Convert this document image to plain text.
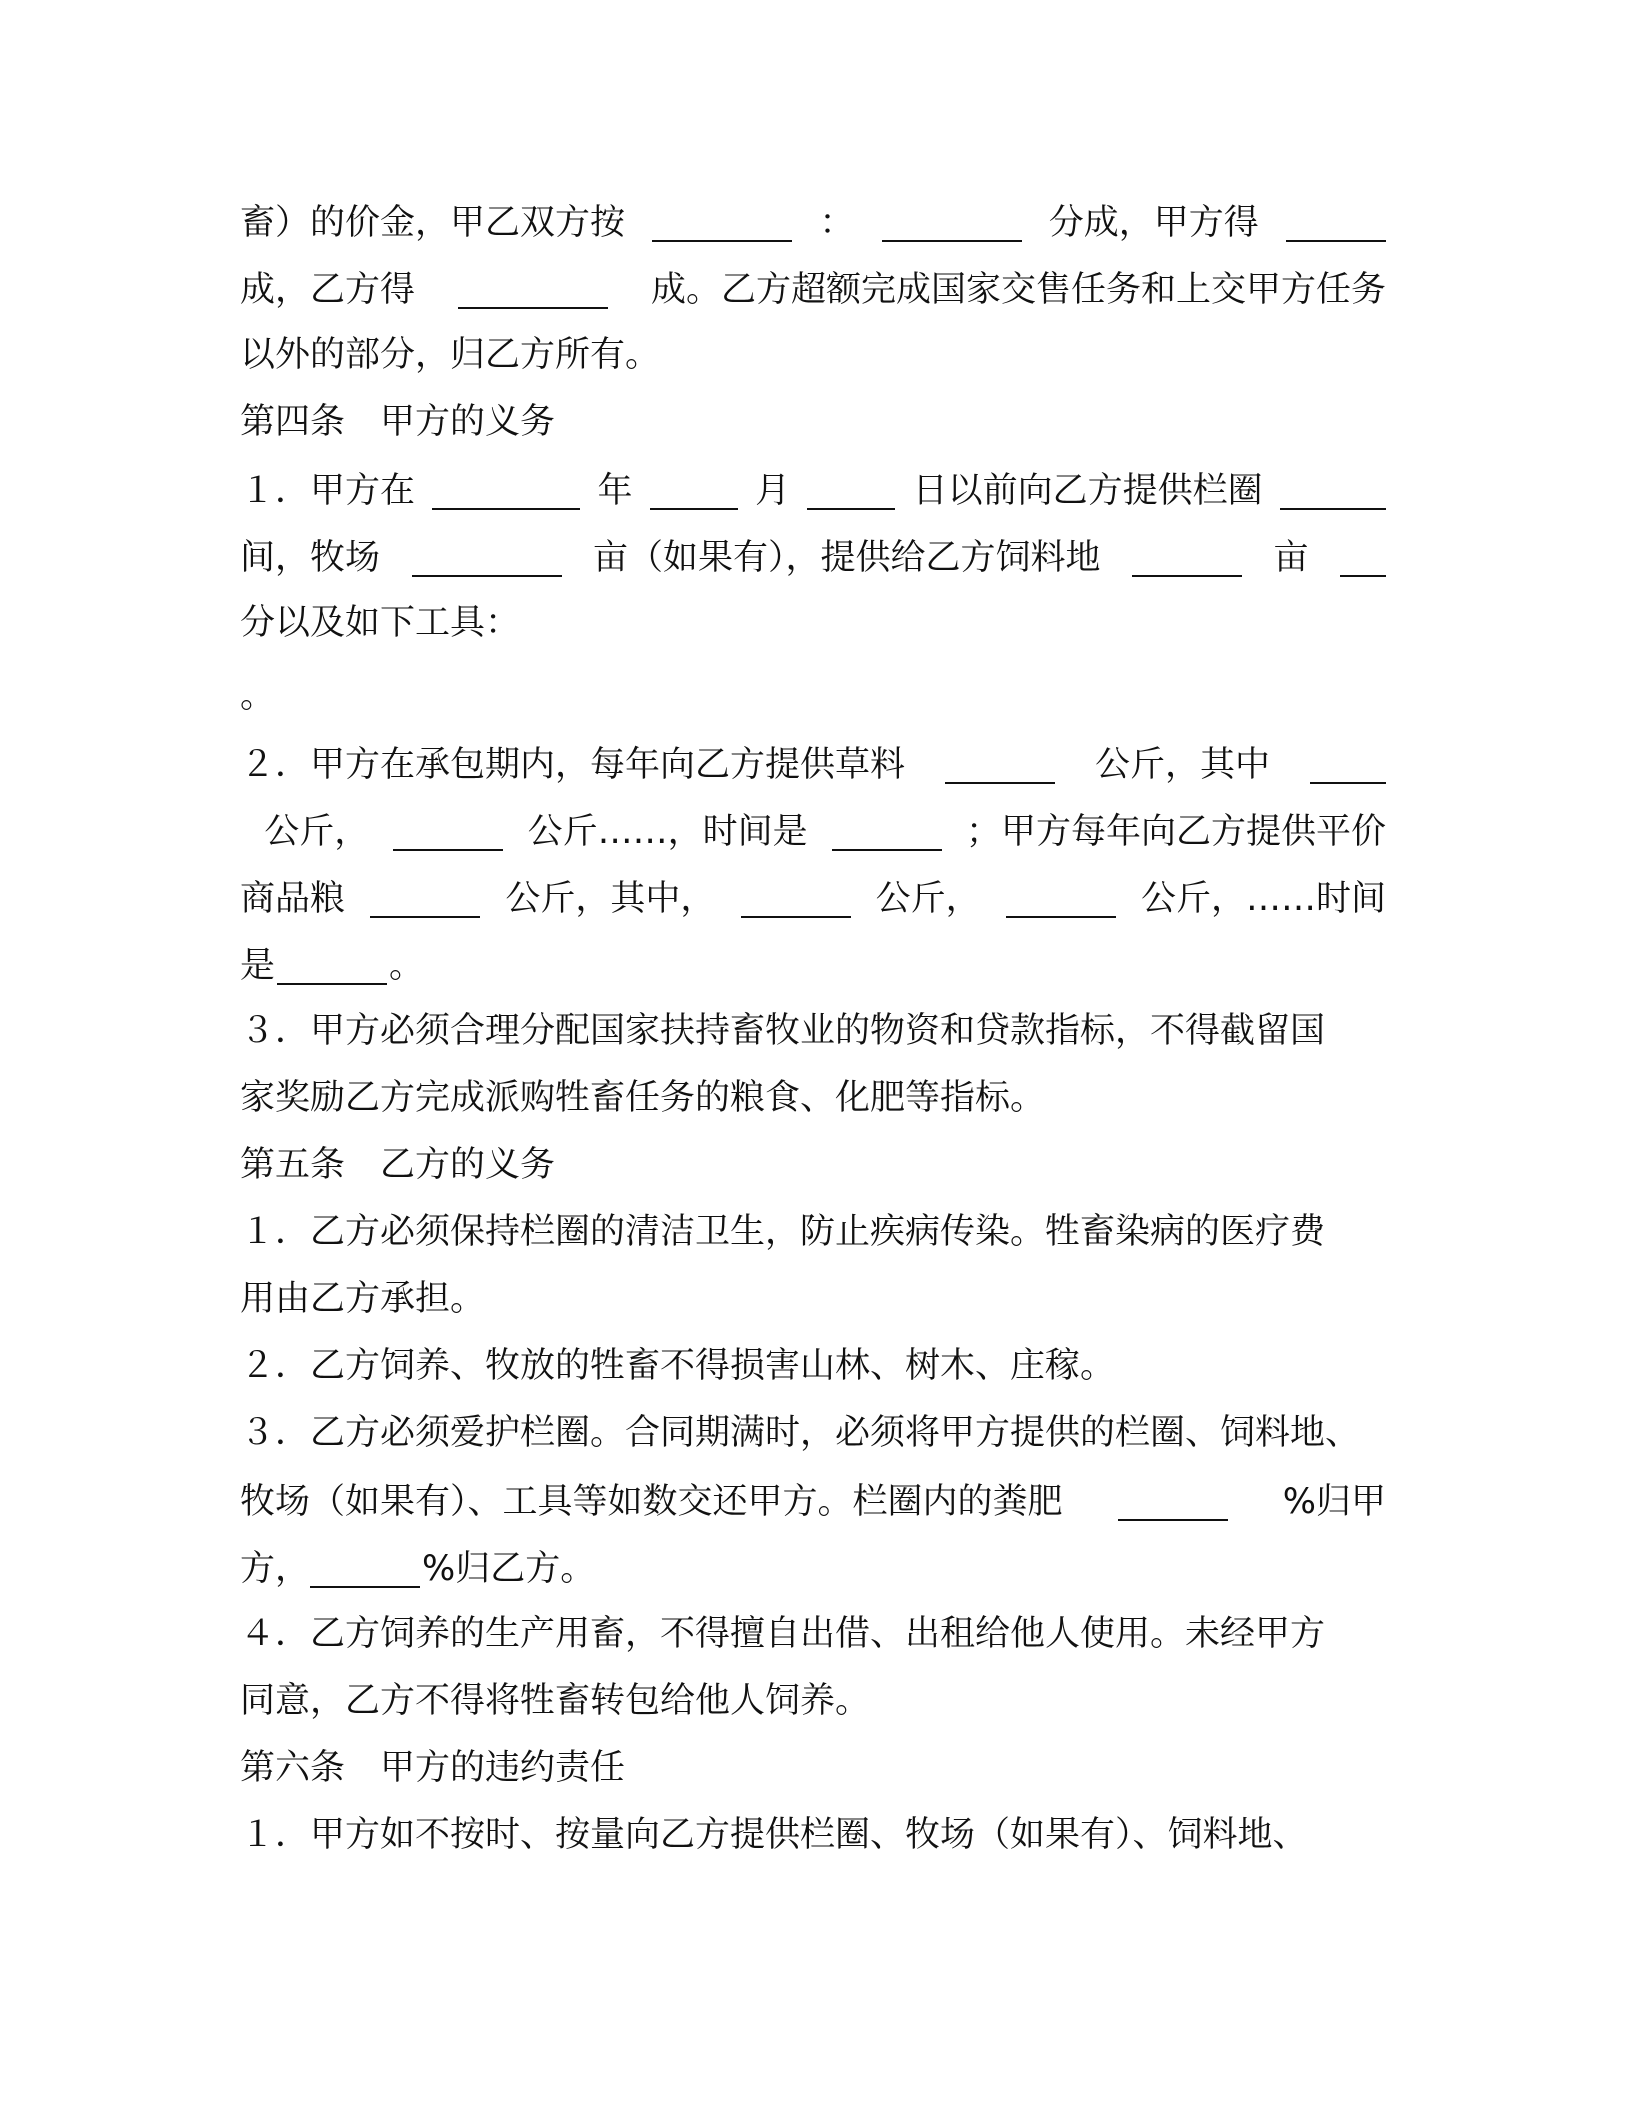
畜）的价金，甲乙双方按	：	分成，甲方得
成，乙方得	成。乙方超额完成国家交售任务和上交甲方任务
以外的部分，归乙方所有。
第四条　甲方的义务
１．甲方在	年	月	日以前向乙方提供栏圈
间，牧场	亩（如果有），提供给乙方饲料地	亩
分以及如下工具：
。
２．甲方在承包期内，每年向乙方提供草料	公斤，其中
公斤，	公斤……，时间是	；甲方每年向乙方提供平价
商品粮	公斤，其中，	公斤，	公斤，……时间
是	。
３．甲方必须合理分配国家扶持畜牧业的物资和贷款指标，不得截留国
家奖励乙方完成派购牲畜任务的粮食、化肥等指标。
第五条　乙方的义务
１．乙方必须保持栏圈的清洁卫生，防止疾病传染。牲畜染病的医疗费
用由乙方承担。
２．乙方饲养、牧放的牲畜不得损害山林、树木、庄稼。
３．乙方必须爱护栏圈。合同期满时，必须将甲方提供的栏圈、饲料地、
牧场（如果有）、工具等如数交还甲方。栏圈内的粪肥	%归甲
方，	%归乙方。
４．乙方饲养的生产用畜，不得擅自出借、出租给他人使用。未经甲方
同意，乙方不得将牲畜转包给他人饲养。
第六条　甲方的违约责任
１．甲方如不按时、按量向乙方提供栏圈、牧场（如果有）、饲料地、
